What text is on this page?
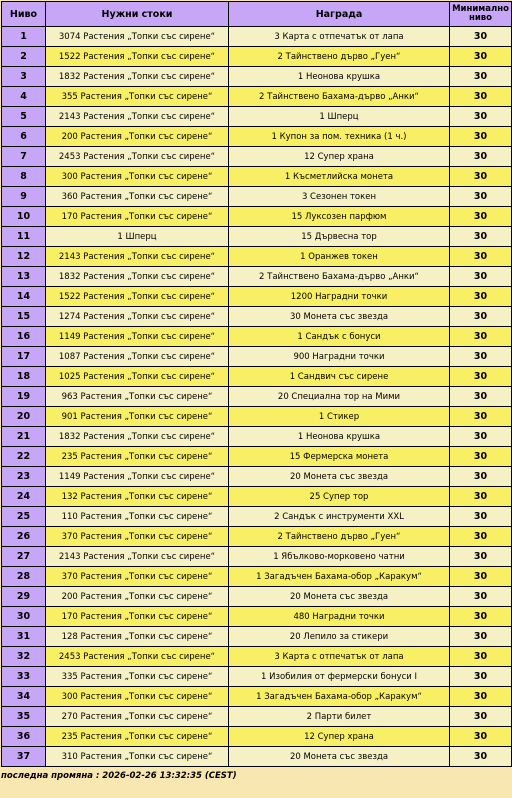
Ниво	Нужни стоки	Награда	Минимално ниво
1	3074 Растения „Топки със сирене“	3 Карта с отпечатък от лапа	30
2	1522 Растения „Топки със сирене“	2 Тайнствено дърво „Гуен“	30
3	1832 Растения „Топки със сирене“	1 Неонова крушка	30
4	355 Растения „Топки със сирене“	2 Тайнствено Бахама-дърво „Анки“	30
5	2143 Растения „Топки със сирене“	1 Шперц	30
6	200 Растения „Топки със сирене“	1 Купон за пом. техника (1 ч.)	30
7	2453 Растения „Топки със сирене“	12 Супер храна	30
8	300 Растения „Топки със сирене“	1 Късметлийска монета	30
9	360 Растения „Топки със сирене“	3 Сезонен токен	30
10	170 Растения „Топки със сирене“	15 Луксозен парфюм	30
11	1 Шперц	15 Дървесна тор	30
12	2143 Растения „Топки със сирене“	1 Оранжев токен	30
13	1832 Растения „Топки със сирене“	2 Тайнствено Бахама-дърво „Анки“	30
14	1522 Растения „Топки със сирене“	1200 Наградни точки	30
15	1274 Растения „Топки със сирене“	30 Монета със звезда	30
16	1149 Растения „Топки със сирене“	1 Сандък с бонуси	30
17	1087 Растения „Топки със сирене“	900 Наградни точки	30
18	1025 Растения „Топки със сирене“	1 Сандвич със сирене	30
19	963 Растения „Топки със сирене“	20 Специална тор на Мими	30
20	901 Растения „Топки със сирене“	1 Стикер	30
21	1832 Растения „Топки със сирене“	1 Неонова крушка	30
22	235 Растения „Топки със сирене“	15 Фермерска монета	30
23	1149 Растения „Топки със сирене“	20 Монета със звезда	30
24	132 Растения „Топки със сирене“	25 Супер тор	30
25	110 Растения „Топки със сирене“	2 Сандък с инструменти XXL	30
26	370 Растения „Топки със сирене“	2 Тайнствено дърво „Гуен“	30
27	2143 Растения „Топки със сирене“	1 Ябълково-морковено чатни	30
28	370 Растения „Топки със сирене“	1 Загадъчен Бахама-обор „Каракум“	30
29	200 Растения „Топки със сирене“	20 Монета със звезда	30
30	170 Растения „Топки със сирене“	480 Наградни точки	30
31	128 Растения „Топки със сирене“	20 Лепило за стикери	30
32	2453 Растения „Топки със сирене“	3 Карта с отпечатък от лапа	30
33	335 Растения „Топки със сирене“	1 Изобилия от фермерски бонуси I	30
34	300 Растения „Топки със сирене“	1 Загадъчен Бахама-обор „Каракум“	30
35	270 Растения „Топки със сирене“	2 Парти билет	30
36	235 Растения „Топки със сирене“	12 Супер храна	30
37	310 Растения „Топки със сирене“	20 Монета със звезда	30
последна промяна : 2026-02-26 13:32:35 (CEST)
